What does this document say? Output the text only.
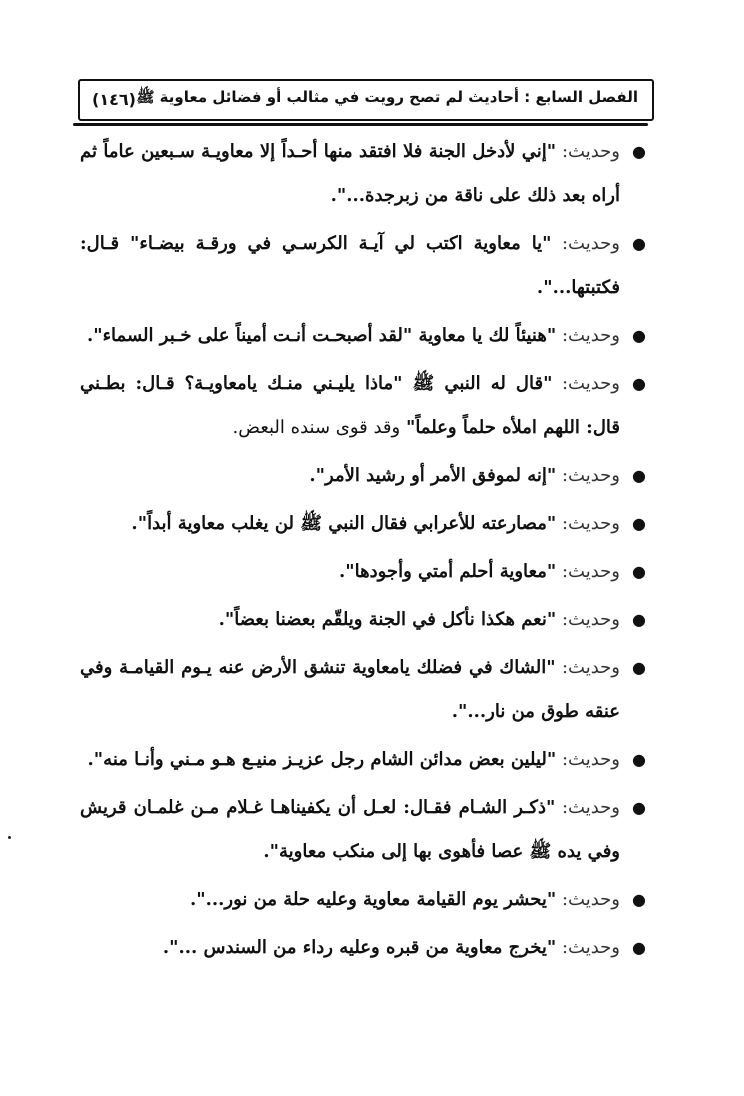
الفصل السابع : أحاديث لم تصح رويت في مثالب أو فضائل معاوية ﷺ
(١٤٦)

●
وحديث: "إني لأدخل الجنة فلا افتقد منها أحـداً إلا معاويـة سـبعين عاماً ثم أراه بعد ذلك على ناقة من زبرجدة...".

●
وحديث: "يا معاوية اكتب لي آيـة الكرسـي في ورقـة بيضـاء" قـال: فكتبتها...".

●
وحديث: "هنيئاً لك يا معاوية "لقد أصبحـت أنـت أميناً على خـبر السماء".

●
وحديث: "قال له النبي ﷺ "ماذا يليـني منـك يامعاويـة؟ قـال: بطـني قال: اللهم املأه حلماً وعلماً" وقد قوى سنده البعض.

●
وحديث: "إنه لموفق الأمر أو رشيد الأمر".

●
وحديث: "مصارعته للأعرابي فقال النبي ﷺ لن يغلب معاوية أبداً".

●
وحديث: "معاوية أحلم أمتي وأجودها".

●
وحديث: "نعم هكذا نأكل في الجنة ويلقّم بعضنا بعضاً".

●
وحديث: "الشاك في فضلك يامعاوية تنشق الأرض عنه يـوم القيامـة وفي عنقه طوق من نار...".

●
وحديث: "ليلين بعض مدائن الشام رجل عزيـز منيـع هـو مـني وأنـا منه".

●
وحديث: "ذكـر الشـام فقـال: لعـل أن يكفيناهـا غـلام مـن غلمـان قريش وفي يده ﷺ عصا فأهوى بها إلى منكب معاوية".

●
وحديث: "يحشر يوم القيامة معاوية وعليه حلة من نور...".

●
وحديث: "يخرج معاوية من قبره وعليه رداء من السندس ...".
